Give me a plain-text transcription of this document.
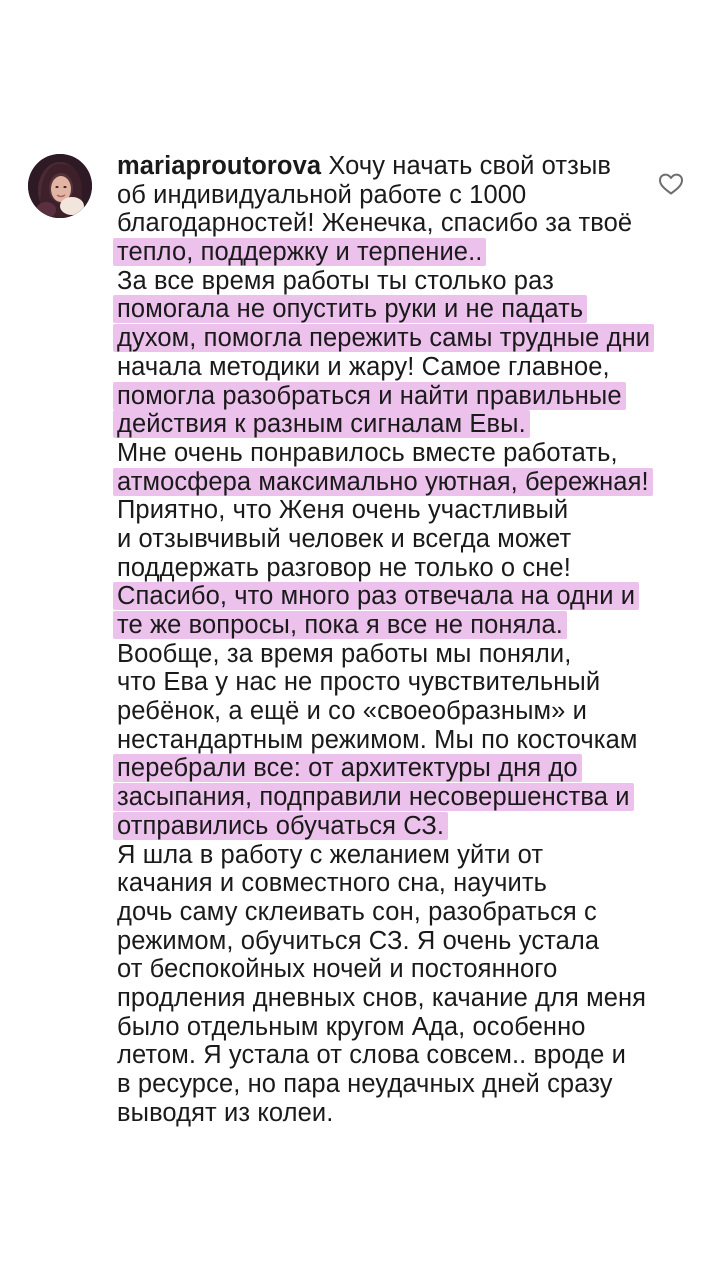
mariaproutorova Хочу начать свой отзыв
об индивидуальной работе с 1000
благодарностей! Женечка, спасибо за твоё
тепло, поддержку и терпение..
За все время работы ты столько раз
помогала не опустить руки и не падать
духом, помогла пережить самы трудные дни
начала методики и жару! Самое главное,
помогла разобраться и найти правильные
действия к разным сигналам Евы.
Мне очень понравилось вместе работать,
атмосфера максимально уютная, бережная!
Приятно, что Женя очень участливый
и отзывчивый человек и всегда может
поддержать разговор не только о сне!
Спасибо, что много раз отвечала на одни и
те же вопросы, пока я все не поняла.
Вообще, за время работы мы поняли,
что Ева у нас не просто чувствительный
ребёнок, а ещё и со «своеобразным» и
нестандартным режимом. Мы по косточкам
перебрали все: от архитектуры дня до
засыпания, подправили несовершенства и
отправились обучаться СЗ.
Я шла в работу с желанием уйти от
качания и совместного сна, научить
дочь саму склеивать сон, разобраться с
режимом, обучиться СЗ. Я очень устала
от беспокойных ночей и постоянного
продления дневных снов, качание для меня
было отдельным кругом Ада, особенно
летом. Я устала от слова совсем.. вроде и
в ресурсе, но пара неудачных дней сразу
выводят из колеи.
